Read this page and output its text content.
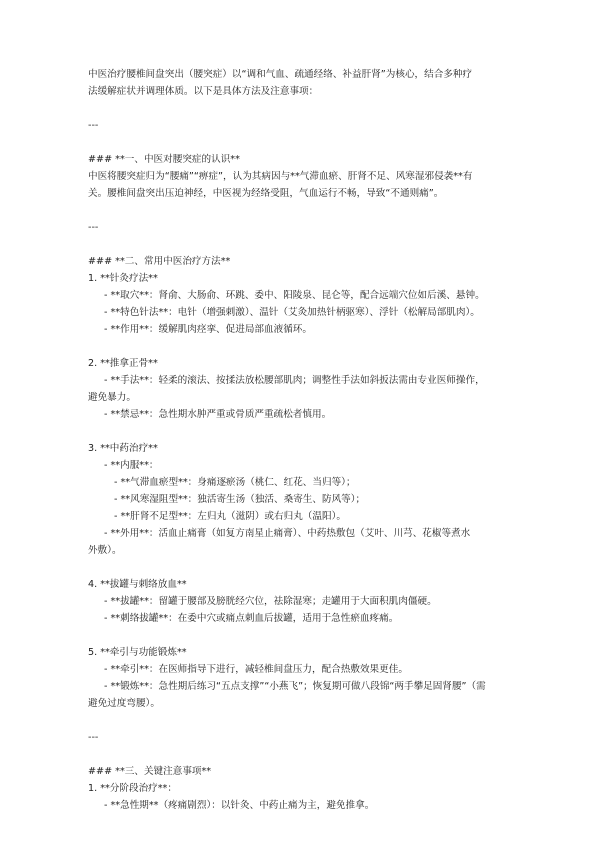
中医治疗腰椎间盘突出（腰突症）以“调和气血、疏通经络、补益肝肾”为核心，结合多种疗
法缓解症状并调理体质。以下是具体方法及注意事项：
---
### **一、中医对腰突症的认识**
中医将腰突症归为“腰痛”“痹症”，认为其病因与**气滞血瘀、肝肾不足、风寒湿邪侵袭**有
关。腰椎间盘突出压迫神经，中医视为经络受阻，气血运行不畅，导致“不通则痛”。
---
### **二、常用中医治疗方法**
1. **针灸疗法**
- **取穴**：肾俞、大肠俞、环跳、委中、阳陵泉、昆仑等，配合远端穴位如后溪、悬钟。
- **特色针法**：电针（增强刺激）、温针（艾灸加热针柄驱寒）、浮针（松解局部肌肉）。
- **作用**：缓解肌肉痉挛、促进局部血液循环。
2. **推拿正骨**
- **手法**：轻柔的滚法、按揉法放松腰部肌肉；调整性手法如斜扳法需由专业医师操作，
避免暴力。
- **禁忌**：急性期水肿严重或骨质严重疏松者慎用。
3. **中药治疗**
- **内服**：
- **气滞血瘀型**：身痛逐瘀汤（桃仁、红花、当归等）；
- **风寒湿阻型**：独活寄生汤（独活、桑寄生、防风等）；
- **肝肾不足型**：左归丸（滋阴）或右归丸（温阳）。
- **外用**：活血止痛膏（如复方南星止痛膏）、中药热敷包（艾叶、川芎、花椒等煮水
外敷）。
4. **拔罐与刺络放血**
- **拔罐**：留罐于腰部及膀胱经穴位，祛除湿寒；走罐用于大面积肌肉僵硬。
- **刺络拔罐**：在委中穴或痛点刺血后拔罐，适用于急性瘀血疼痛。
5. **牵引与功能锻炼**
- **牵引**：在医师指导下进行，减轻椎间盘压力，配合热敷效果更佳。
- **锻炼**：急性期后练习“五点支撑”“小燕飞”；恢复期可做八段锦“两手攀足固肾腰”（需
避免过度弯腰）。
---
### **三、关键注意事项**
1. **分阶段治疗**：
- **急性期**（疼痛剧烈）：以针灸、中药止痛为主，避免推拿。
